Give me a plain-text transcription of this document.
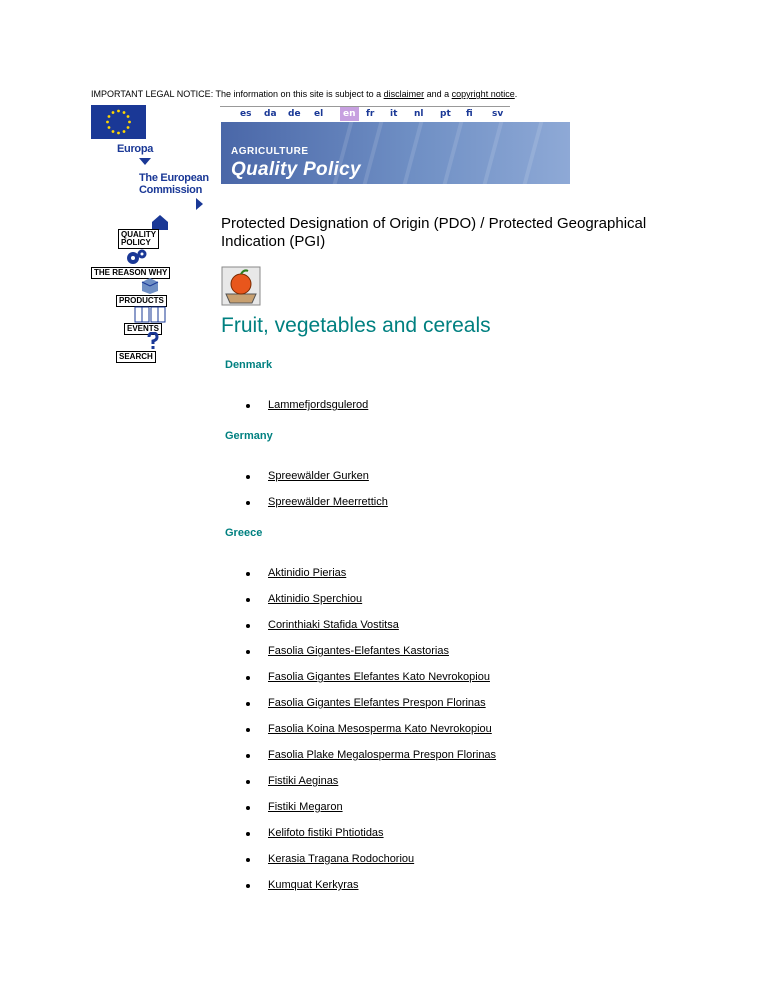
IMPORTANT LEGAL NOTICE: The information on this site is subject to a disclaimer and a copyright notice.
Europa
The European
Commission
QUALITY
POLICY
THE REASON WHY
PRODUCTS
EVENTS
SEARCH
es da de el	en	fr it nl pt fi sv
AGRICULTURE
Quality Policy
Protected Designation of Origin (PDO) / Protected Geographical Indication (PGI)
Fruit, vegetables and cereals
Denmark
Lammefjordsgulerod
Germany
Spreewälder Gurken
Spreewälder Meerrettich
Greece
Aktinidio Pierias
Aktinidio Sperchiou
Corinthiaki Stafida Vostitsa
Fasolia Gigantes-Elefantes Kastorias
Fasolia Gigantes Elefantes Kato Nevrokopiou
Fasolia Gigantes Elefantes Prespon Florinas
Fasolia Koina Mesosperma Kato Nevrokopiou
Fasolia Plake Megalosperma Prespon Florinas
Fistiki Aeginas
Fistiki Megaron
Kelifoto fistiki Phtiotidas
Kerasia Tragana Rodochoriou
Kumquat Kerkyras
